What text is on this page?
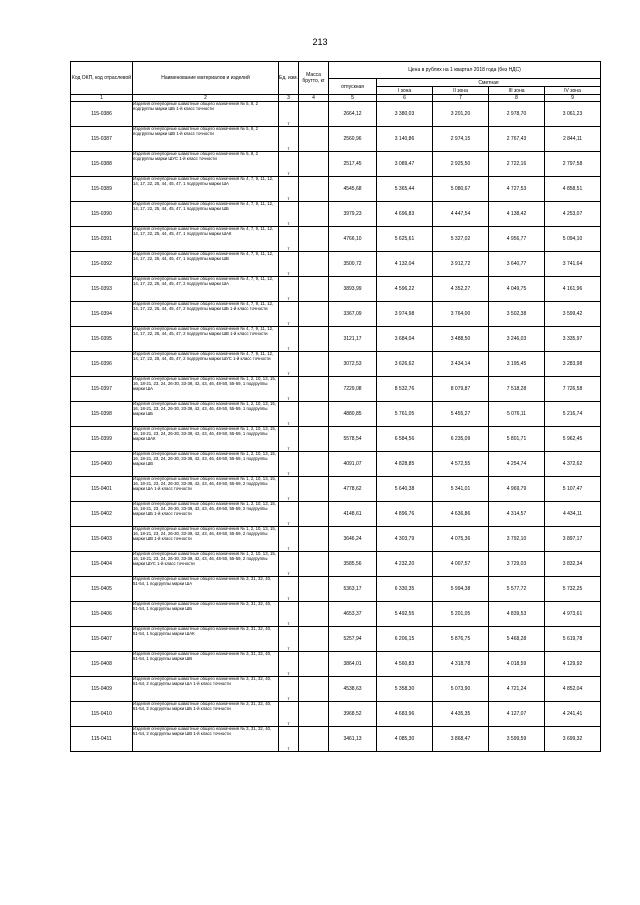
213
Код ОКП, код отраслевой	Наименование материалов и изделий	Ед. изм.	Масса брутто, кг	Цена в рублях на 1 квартал 2018 года (без НДС)				
				отпускная	Сметная			
					I зона	II зона	III зона	IV зона
1	2	3	4	5	6	7	8	9
115-0386	Изделия огнеупорные шамотные общего назначения № 5, 8, 2 подгруппы марки ШБ 1-й класс точности	т		2664,12	3 380,03	3 201,20	2 978,70	3 061,23
115-0387	Изделия огнеупорные шамотные общего назначения № 5, 8, 2 подгруппы марки ШВ 1-й класс точности	т		2560,96	3 140,86	2 974,15	2 767,43	2 844,11
115-0388	Изделия огнеупорные шамотные общего назначения № 5, 8, 2 подгруппы марки ШУС 1-й класс точности	т		2517,45	3 089,47	2 925,50	2 722,16	2 797,58
115-0389	Изделия огнеупорные шамотные общего назначения № 4, 7, 9, 11, 12, 14, 17, 22, 25, 44, 45, 47, 1 подгруппы марки ША	т		4545,68	5 365,44	5 080,67	4 727,53	4 858,51
115-0390	Изделия огнеупорные шамотные общего назначения № 4, 7, 9, 11, 12, 14, 17, 22, 25, 44, 45, 47, 1 подгруппы марки ШБ	т		3979,23	4 696,83	4 447,54	4 138,42	4 253,07
115-0391	Изделия огнеупорные шамотные общего назначения № 4, 7, 9, 11, 12, 14, 17, 22, 25, 44, 45, 47, 1 подгруппы марки ШАК	т		4766,10	5 625,61	5 327,02	4 956,77	5 094,10
115-0392	Изделия огнеупорные шамотные общего назначения № 4, 7, 9, 11, 12, 14, 17, 22, 25, 44, 45, 47, 1 подгруппы марки ШВ	т		3500,72	4 132,04	3 912,72	3 640,77	3 741,64
115-0393	Изделия огнеупорные шамотные общего назначения № 4, 7, 9, 11, 12, 14, 17, 22, 25, 44, 45, 47, 2 подгруппы марки ША	т		3893,99	4 596,22	4 352,27	4 049,75	4 161,96
115-0394	Изделия огнеупорные шамотные общего назначения № 4, 7, 9, 11, 12, 14, 17, 22, 25, 44, 45, 47, 2 подгруппы марки ШБ 1-й класс точности	т		3367,09	3 974,98	3 764,00	3 502,38	3 599,42
115-0395	Изделия огнеупорные шамотные общего назначения № 4, 7, 9, 11, 12, 14, 17, 22, 25, 44, 45, 47, 2 подгруппы марки ШВ 1-й класс точности	т		3121,17	3 684,04	3 488,50	3 246,03	3 335,97
115-0396	Изделия огнеупорные шамотные общего назначения № 4, 7, 9, 11, 12, 14, 17, 22, 25, 44, 45, 47, 2 подгруппы марки ШУС 1-й класс точности	т		3072,53	3 626,62	3 434,14	3 195,45	3 283,98
115-0397	Изделия огнеупорные шамотные общего назначения № 1, 2, 10, 13, 15, 16, 18-21, 23, 24, 26-30, 33-39, 42, 43, 46, 48-50, 55-59, 1 подгруппы марки ША	т		7229,08	8 532,76	8 079,87	7 518,28	7 726,58
115-0398	Изделия огнеупорные шамотные общего назначения № 1, 2, 10, 13, 15, 16, 18-21, 23, 24, 26-30, 33-39, 42, 43, 46, 48-50, 55-59, 1 подгруппы марки ШБ	т		4880,85	5 761,05	5 455,27	5 076,11	5 216,74
115-0399	Изделия огнеупорные шамотные общего назначения № 1, 2, 10, 13, 15, 16, 18-21, 23, 24, 26-30, 33-39, 42, 43, 46, 48-50, 55-59, 1 подгруппы марки ШАК	т		5578,54	6 584,56	6 235,09	5 801,71	5 962,45
115-0400	Изделия огнеупорные шамотные общего назначения № 1, 2, 10, 13, 15, 16, 18-21, 23, 24, 26-30, 33-39, 42, 43, 46, 48-50, 55-59, 1 подгруппы марки ШВ	т		4091,07	4 828,85	4 572,55	4 254,74	4 372,62
115-0401	Изделия огнеупорные шамотные общего назначения № 1, 2, 10, 13, 15, 16, 18-21, 23, 24, 26-30, 33-39, 42, 43, 46, 48-50, 55-59, 2 подгруппы марки ША 1-й класс точности	т		4778,62	5 640,38	5 341,01	4 969,79	5 107,47
115-0402	Изделия огнеупорные шамотные общего назначения № 1, 2, 10, 13, 15, 16, 18-21, 23, 24, 26-30, 33-39, 42, 43, 46, 48-50, 55-59, 2 подгруппы марки ШБ 1-й класс точности	т		4148,61	4 896,76	4 636,86	4 314,57	4 434,11
115-0403	Изделия огнеупорные шамотные общего назначения № 1, 2, 10, 13, 15, 16, 18-21, 23, 24, 26-30, 33-39, 42, 43, 46, 48-50, 55-59, 2 подгруппы марки ШВ 1-й класс точности	т		3646,24	4 303,79	4 075,36	3 792,10	3 897,17
115-0404	Изделия огнеупорные шамотные общего назначения № 1, 2, 10, 13, 15, 16, 18-21, 23, 24, 26-30, 33-39, 42, 43, 46, 48-50, 55-59, 2 подгруппы марки ШУС 1-й класс точности	т		3585,56	4 232,20	4 007,57	3 729,03	3 832,34
115-0405	Изделия огнеупорные шамотные общего назначения № 3, 31, 32, 40, 51-54, 1 подгруппы марки ША	т		5363,17	6 330,35	5 994,38	5 577,72	5 732,25
115-0406	Изделия огнеупорные шамотные общего назначения № 3, 31, 32, 40, 51-54, 1 подгруппы марки ШБ	т		4653,37	5 492,55	5 201,05	4 839,53	4 973,61
115-0407	Изделия огнеупорные шамотные общего назначения № 3, 31, 32, 40, 51-54, 1 подгруппы марки ШАК	т		5257,94	6 206,15	5 876,75	5 468,28	5 619,78
115-0408	Изделия огнеупорные шамотные общего назначения № 3, 31, 32, 40, 51-54, 1 подгруппы марки ШВ	т		3864,01	4 560,83	4 318,78	4 018,59	4 129,92
115-0409	Изделия огнеупорные шамотные общего назначения № 3, 31, 32, 40, 51-54, 2 подгруппы марки ША 1-й класс точности	т		4538,63	5 358,30	5 073,90	4 721,24	4 852,04
115-0410	Изделия огнеупорные шамотные общего назначения № 3, 31, 32, 40, 51-54, 2 подгруппы марки ШБ 1-й класс точности	т		3968,52	4 683,96	4 435,35	4 127,07	4 241,41
115-0411	Изделия огнеупорные шамотные общего назначения № 3, 31, 32, 40, 51-54, 2 подгруппы марки ШВ 1-й класс точности	т		3461,13	4 085,30	3 868,47	3 599,59	3 699,32
